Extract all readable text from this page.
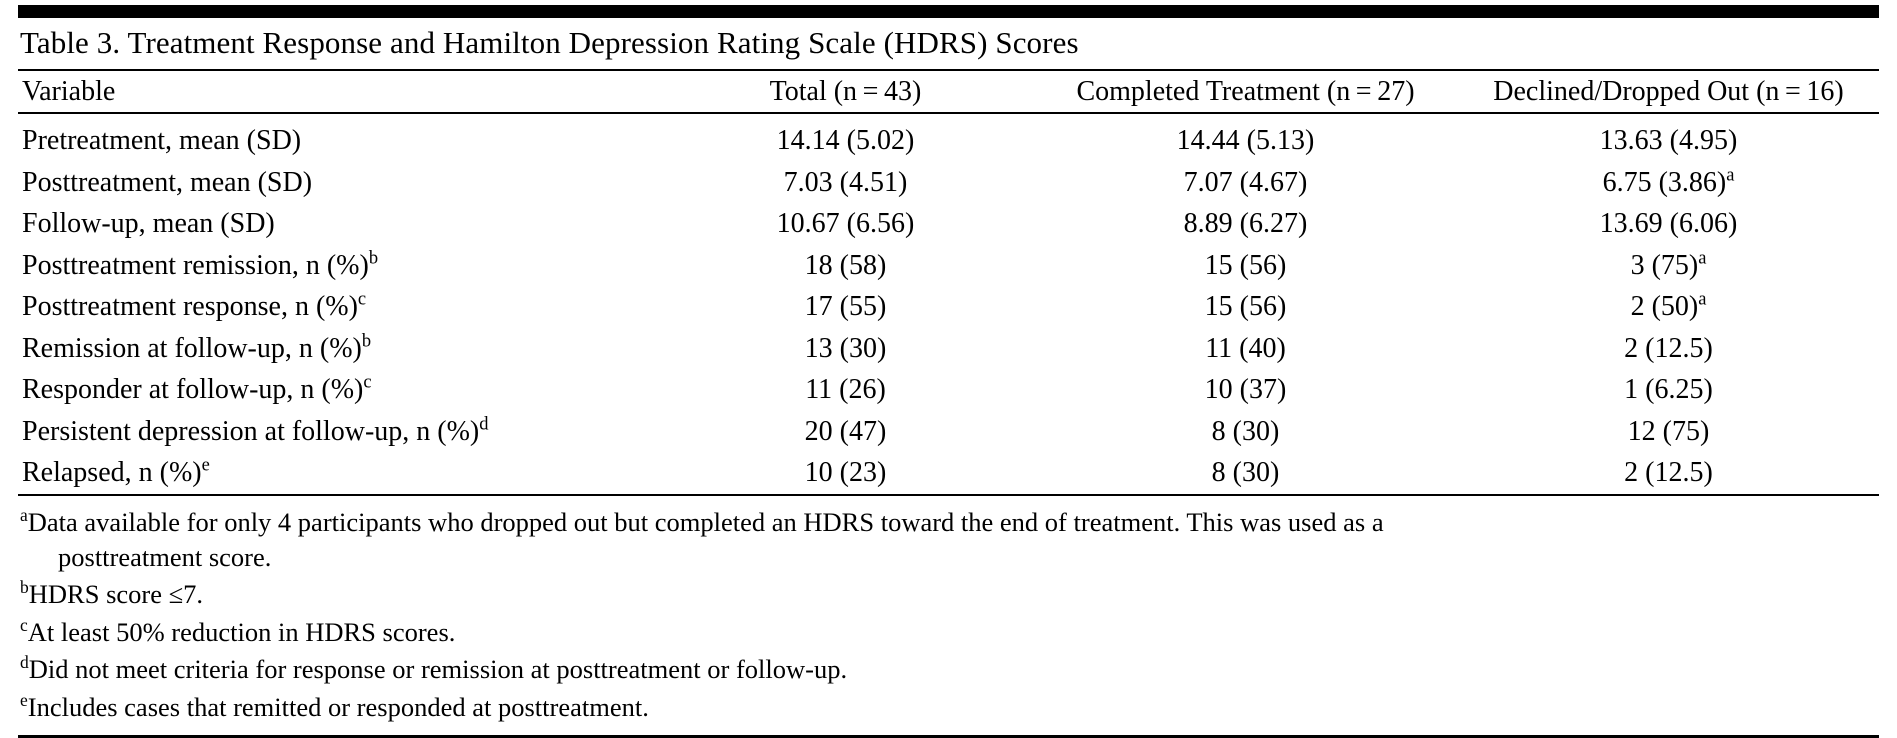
Table 3. Treatment Response and Hamilton Depression Rating Scale (HDRS) Scores
Variable	Total (n = 43)	Completed Treatment (n = 27)	Declined/Dropped Out (n = 16)
Pretreatment, mean (SD)	14.14 (5.02)	14.44 (5.13)	13.63 (4.95)
Posttreatment, mean (SD)	7.03 (4.51)	7.07 (4.67)	6.75 $(3.86)^a$
Follow-up, mean (SD)	10.67 (6.56)	8.89 (6.27)	13.69 (6.06)
Posttreatment remission, n (%)$^b$	18 (58)	15 (56)	3 $(75)^a$
Posttreatment response, n (%)$^c$	17 (55)	15 (56)	2 $(50)^a$
Remission at follow-up, n (%)$^b$	13 (30)	11 (40)	2 (12.5)
Responder at follow-up, n (%)$^c$	11 (26)	10 (37)	1 (6.25)
Persistent depression at follow-up, n (%)$^d$	20 (47)	8 (30)	12 (75)
Relapsed, n (%)$^e$	10 (23)	8 (30)	2 (12.5)
$^a$Data available for only 4 participants who dropped out but completed an HDRS toward the end of treatment. This was used as a
posttreatment score.
$^b$HDRS score ≤7.
$^c$At least 50% reduction in HDRS scores.
$^d$Did not meet criteria for response or remission at posttreatment or follow-up.
$^e$Includes cases that remitted or responded at posttreatment.
